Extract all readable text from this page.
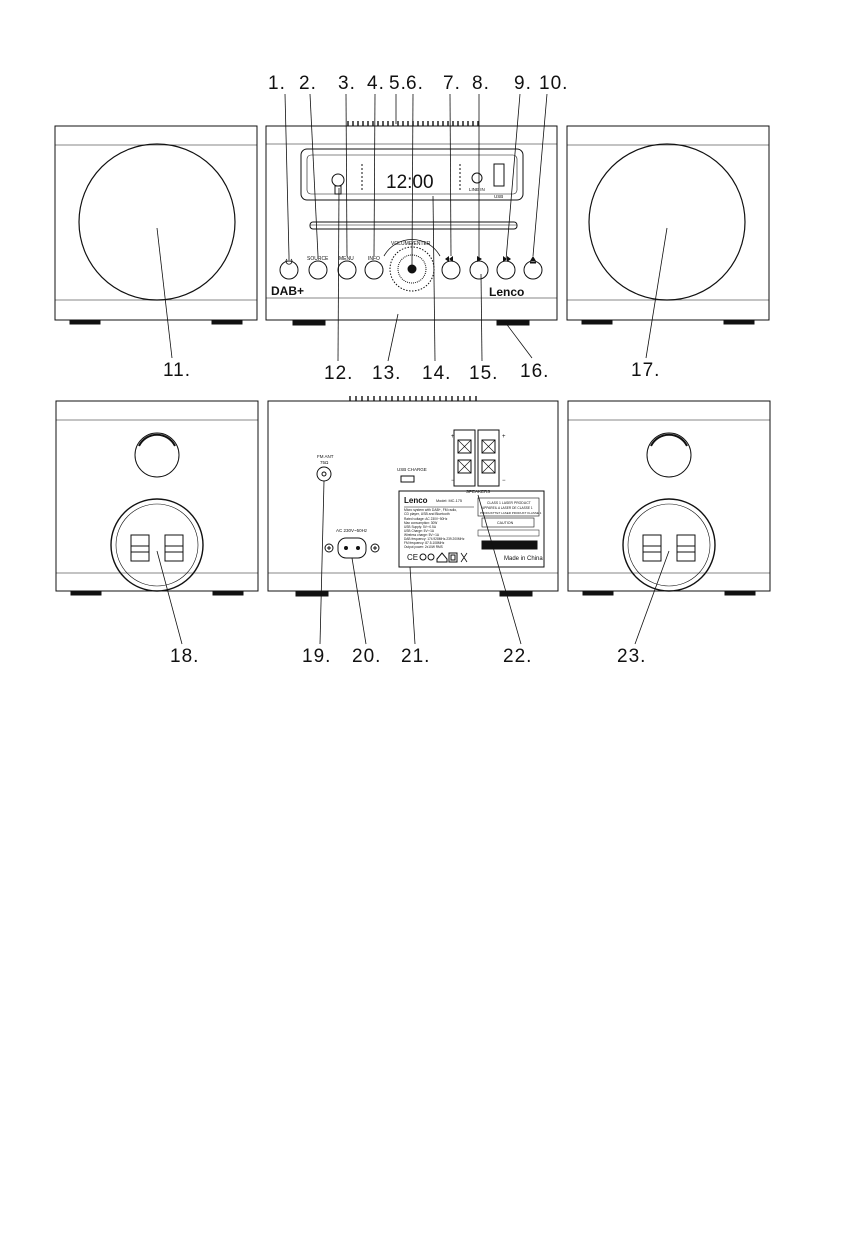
1. 2. 3. 4. 5. 6. 7. 8. 9. 10.
11.	12. 13. 14. 15. 16.	17.
18.	19. 20. 21.	22.	23.
12:00	LINE IN
USB
VOLUME/ENTER
SOURCE MENU	INFO
DAB+	Lenco
FM ANT
75Ω
USB CHARGE
AC 230V~50Hz
SPEAKERS
+	+
−	−
Lenco Model: MC-175
Micro system with DAB+, FM radio,
CD player, USB and Bluetooth
Rated voltage: AC 230V~50Hz
Max consumption: 30W
USB Supply: 5V⎓0.5A
USB Charge: 5V⎓1A
Wireless charge: 5V⎓1A
DAB frequency: 174.928MHz-239.200MHz
FM frequency: 87.5-108MHz
Output power: 2x10W RMS
CLASS 1 LASER PRODUCT
APPAREIL A LASER DE CLASSE 1
PRODUKTTET LASER PRODUKT KLASSE 1
CAUTION
CE	Made in China
